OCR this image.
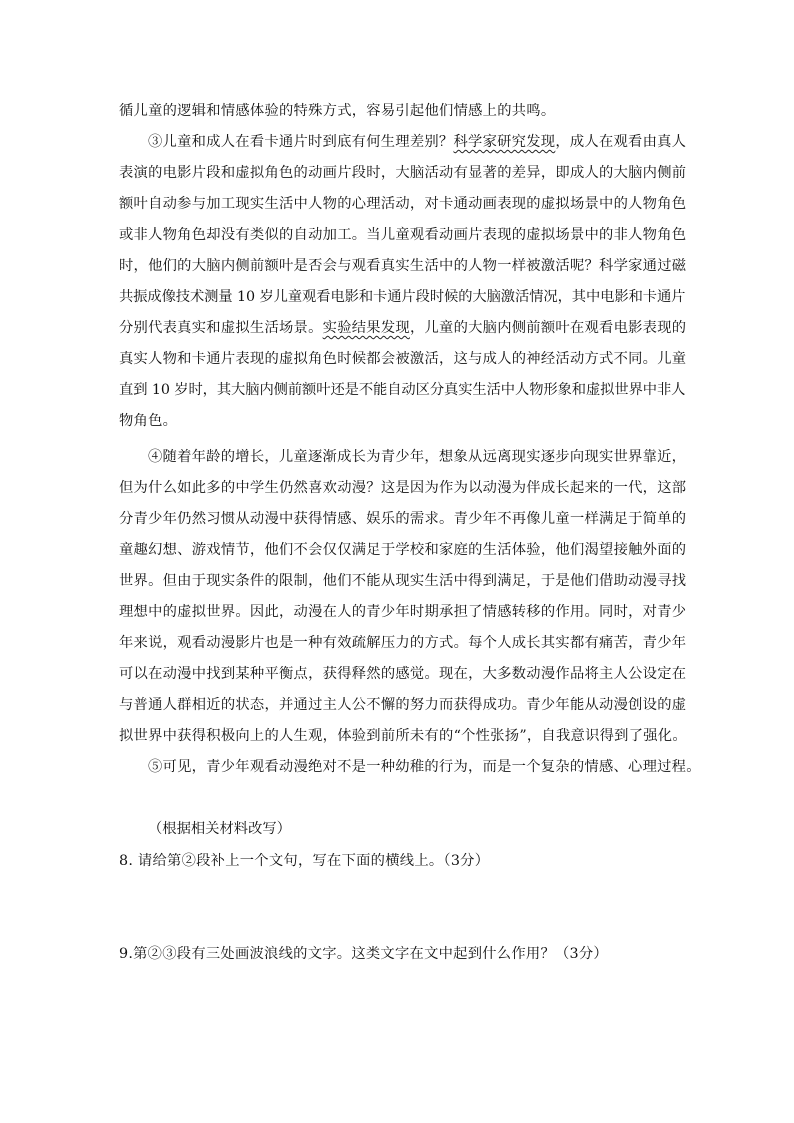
循儿童的逻辑和情感体验的特殊方式，容易引起他们情感上的共鸣。

③儿童和成人在看卡通片时到底有何生理差别？科学家研究发现，成人在观看由真人
表演的电影片段和虚拟角色的动画片段时，大脑活动有显著的差异，即成人的大脑内侧前
额叶自动参与加工现实生活中人物的心理活动，对卡通动画表现的虚拟场景中的人物角色
或非人物角色却没有类似的自动加工。当儿童观看动画片表现的虚拟场景中的非人物角色
时，他们的大脑内侧前额叶是否会与观看真实生活中的人物一样被激活呢？科学家通过磁
共振成像技术测量 10 岁儿童观看电影和卡通片段时候的大脑激活情况，其中电影和卡通片
分别代表真实和虚拟生活场景。实验结果发现，儿童的大脑内侧前额叶在观看电影表现的
真实人物和卡通片表现的虚拟角色时候都会被激活，这与成人的神经活动方式不同。儿童
直到 10 岁时，其大脑内侧前额叶还是不能自动区分真实生活中人物形象和虚拟世界中非人
物角色。
④随着年龄的增长，儿童逐渐成长为青少年，想象从远离现实逐步向现实世界靠近，
但为什么如此多的中学生仍然喜欢动漫？这是因为作为以动漫为伴成长起来的一代，这部
分青少年仍然习惯从动漫中获得情感、娱乐的需求。青少年不再像儿童一样满足于简单的
童趣幻想、游戏情节，他们不会仅仅满足于学校和家庭的生活体验，他们渴望接触外面的
世界。但由于现实条件的限制，他们不能从现实生活中得到满足，于是他们借助动漫寻找
理想中的虚拟世界。因此，动漫在人的青少年时期承担了情感转移的作用。同时，对青少
年来说，观看动漫影片也是一种有效疏解压力的方式。每个人成长其实都有痛苦，青少年
可以在动漫中找到某种平衡点，获得释然的感觉。现在，大多数动漫作品将主人公设定在
与普通人群相近的状态，并通过主人公不懈的努力而获得成功。青少年能从动漫创设的虚
拟世界中获得积极向上的人生观，体验到前所未有的“个性张扬”，自我意识得到了强化。

⑤可见，青少年观看动漫绝对不是一种幼稚的行为，而是一个复杂的情感、心理过程。

（根据相关材料改写）

8. 请给第②段补上一个文句，写在下面的横线上。（3分）

9.第②③段有三处画波浪线的文字。这类文字在文中起到什么作用？（3分）
